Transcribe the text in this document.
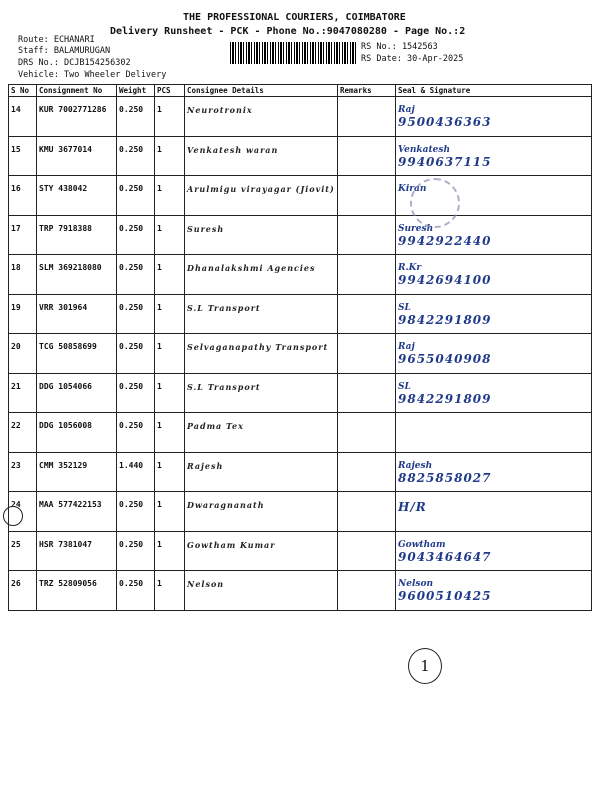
THE PROFESSIONAL COURIERS, COIMBATORE
Delivery Runsheet - PCK - Phone No.:9047080280 - Page No.:2
Route: ECHANARI
Staff: BALAMURUGAN
DRS No.: DCJB154256302
Vehicle: Two Wheeler Delivery
RS No.: 1542563
RS Date: 30-Apr-2025
S No	Consignment No	Weight	PCS	Consignee Details	Remarks	Seal & Signature
14	KUR 7002771286	0.250	1	Neurotronix		Raj
9500436363

15	KMU 3677014	0.250	1	Venkatesh waran		Venkatesh
9940637115

16	STY 438042	0.250	1	Arulmigu virayagar (Jiovit)		Kiran

17	TRP 7918388	0.250	1	Suresh		Suresh
9942922440

18	SLM 369218080	0.250	1	Dhanalakshmi Agencies		R.Kr
9942694100

19	VRR 301964	0.250	1	S.L Transport		SL
9842291809

20	TCG 50858699	0.250	1	Selvaganapathy Transport		Raj
9655040908

21	DDG 1054066	0.250	1	S.L Transport		SL
9842291809

22	DDG 1056008	0.250	1	Padma Tex		

23	CMM 352129	1.440	1	Rajesh		Rajesh
8825858027

24	MAA 577422153	0.250	1	Dwaragnanath		H/R

25	HSR 7381047	0.250	1	Gowtham Kumar		Gowtham
9043464647

26	TRZ 52809056	0.250	1	Nelson		Nelson
9600510425
1
